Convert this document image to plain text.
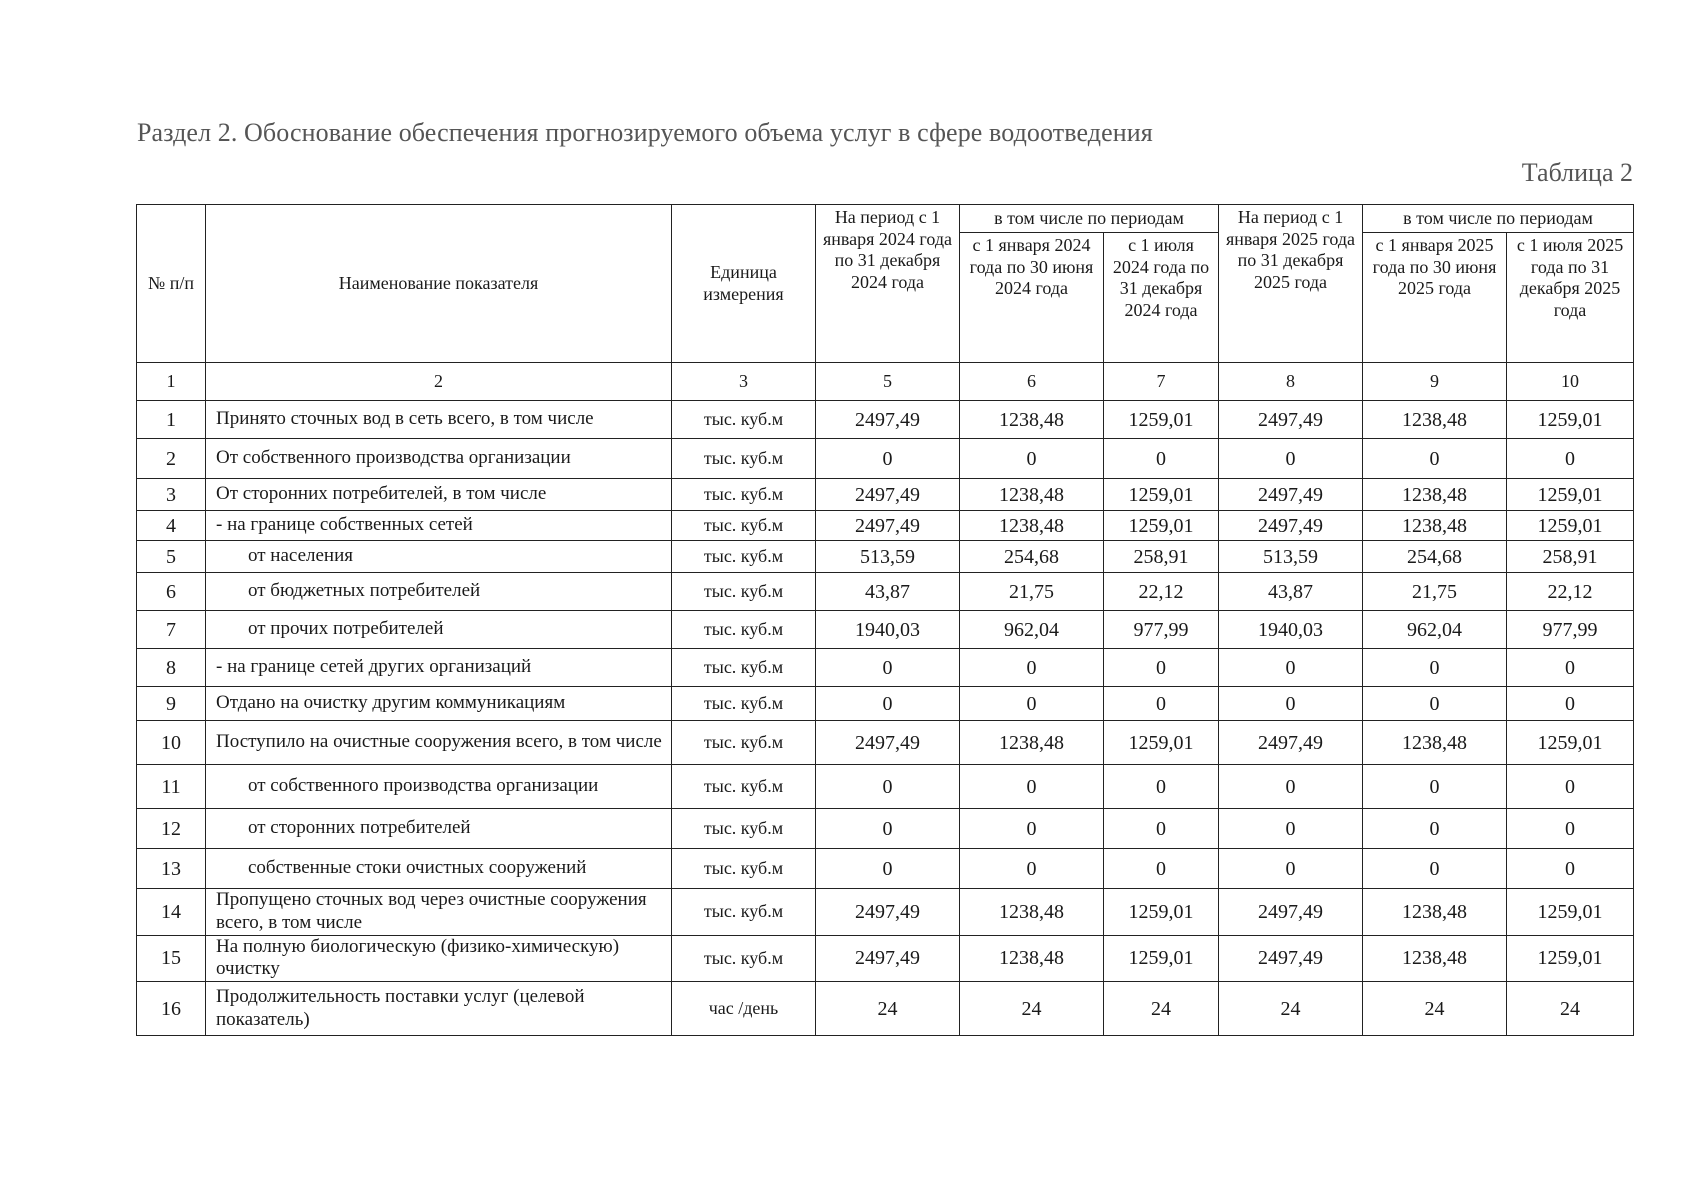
Раздел 2. Обоснование обеспечения прогнозируемого объема услуг в сфере водоотведения
Таблица 2
№ п/п	Наименование показателя	Единица измерения	На период с 1 января 2024 года по 31 декабря 2024 года	в том числе по периодам		На период с 1 января 2025 года по 31 декабря 2025 года	в том числе по периодам	
				с 1 января 2024 года по 30 июня 2024 года	с 1 июля 2024 года по 31 декабря 2024 года		с 1 января 2025 года по 30 июня 2025 года	с 1 июля 2025 года по 31 декабря 2025 года
1	2	3	5	6	7	8	9	10
1	Принято сточных вод в сеть всего, в том числе	тыс. куб.м	2497,49	1238,48	1259,01	2497,49	1238,48	1259,01
2	От собственного производства организации	тыс. куб.м	0	0	0	0	0	0
3	От сторонних потребителей, в том числе	тыс. куб.м	2497,49	1238,48	1259,01	2497,49	1238,48	1259,01
4	- на границе собственных сетей	тыс. куб.м	2497,49	1238,48	1259,01	2497,49	1238,48	1259,01
5	от населения	тыс. куб.м	513,59	254,68	258,91	513,59	254,68	258,91
6	от бюджетных потребителей	тыс. куб.м	43,87	21,75	22,12	43,87	21,75	22,12
7	от прочих потребителей	тыс. куб.м	1940,03	962,04	977,99	1940,03	962,04	977,99
8	- на границе сетей других организаций	тыс. куб.м	0	0	0	0	0	0
9	Отдано на очистку другим коммуникациям	тыс. куб.м	0	0	0	0	0	0
10	Поступило на очистные сооружения всего, в том числе	тыс. куб.м	2497,49	1238,48	1259,01	2497,49	1238,48	1259,01
11	от собственного производства организации	тыс. куб.м	0	0	0	0	0	0
12	от сторонних потребителей	тыс. куб.м	0	0	0	0	0	0
13	собственные стоки очистных сооружений	тыс. куб.м	0	0	0	0	0	0
14	Пропущено сточных вод через очистные сооружения всего, в том числе	тыс. куб.м	2497,49	1238,48	1259,01	2497,49	1238,48	1259,01
15	На полную биологическую (физико-химическую) очистку	тыс. куб.м	2497,49	1238,48	1259,01	2497,49	1238,48	1259,01
16	Продолжительность поставки услуг (целевой показатель)	час /день	24	24	24	24	24	24
